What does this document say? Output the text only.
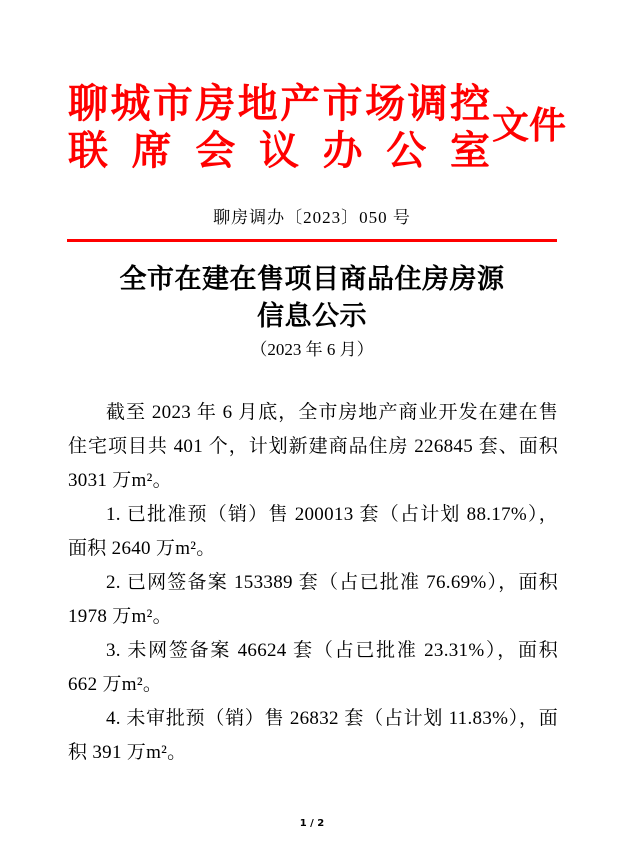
聊 城 市 房 地 产 市 场 调 控
联 席 会 议 办 公 室
文件
聊房调办〔2023〕050 号
全市在建在售项目商品住房房源
信息公示
（2023 年 6 月）

截至 2023 年 6 月底，全市房地产商业开发在建在售住宅项目共 401 个，计划新建商品住房 226845 套、面积 3031 万m²。

1. 已批准预（销）售 200013 套（占计划 88.17%），面积 2640 万m²。

2. 已网签备案 153389 套（占已批准 76.69%），面积 1978 万m²。

3. 未网签备案 46624 套（占已批准 23.31%），面积 662 万m²。

4. 未审批预（销）售 26832 套（占计划 11.83%），面积 391 万m²。

1 / 2
